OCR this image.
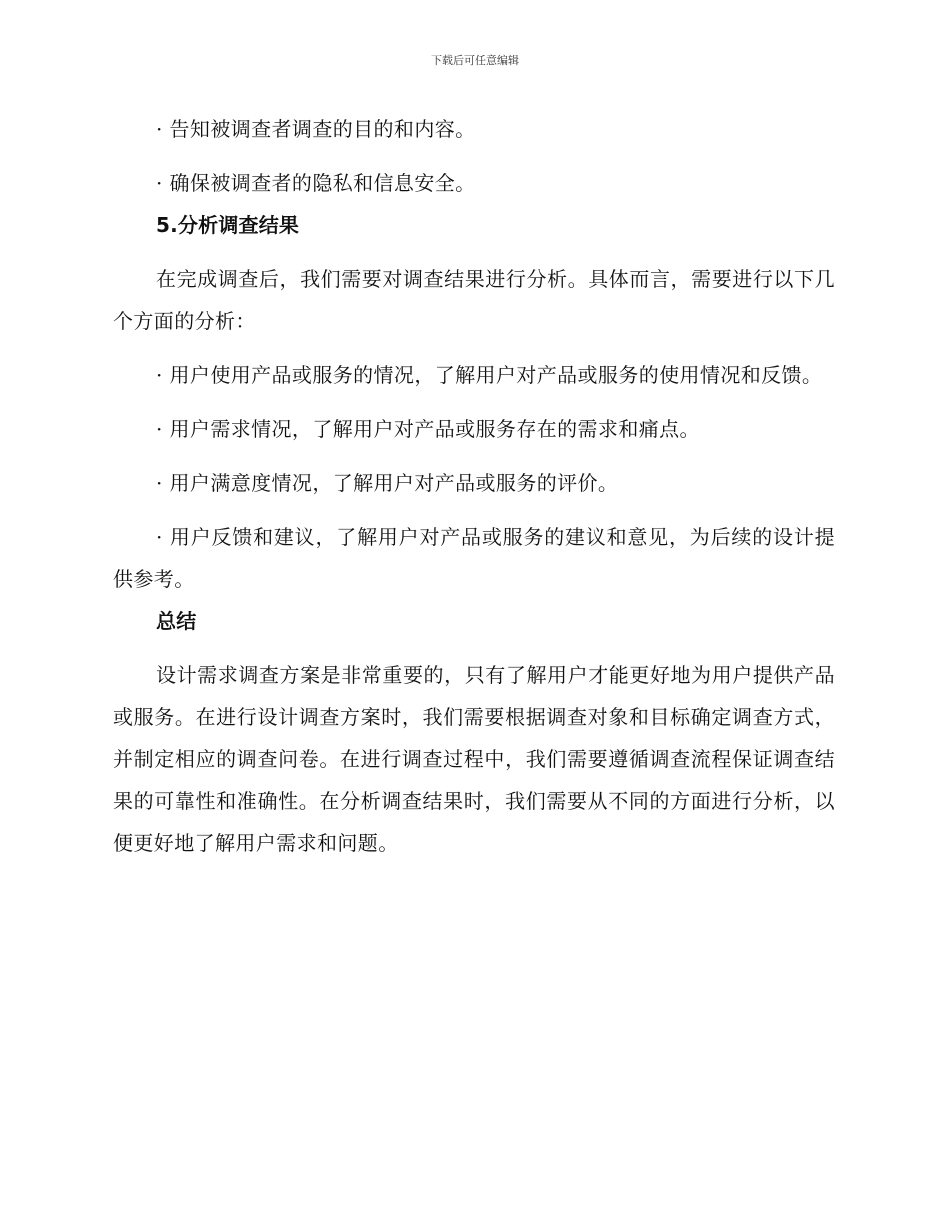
下载后可任意编辑

· 告知被调查者调查的目的和内容。

· 确保被调查者的隐私和信息安全。

5.分析调查结果

在完成调查后，我们需要对调查结果进行分析。具体而言，需要进行以下几个方面的分析：

· 用户使用产品或服务的情况，了解用户对产品或服务的使用情况和反馈。

· 用户需求情况，了解用户对产品或服务存在的需求和痛点。

· 用户满意度情况，了解用户对产品或服务的评价。

· 用户反馈和建议，了解用户对产品或服务的建议和意见，为后续的设计提供参考。

总结

设计需求调查方案是非常重要的，只有了解用户才能更好地为用户提供产品或服务。在进行设计调查方案时，我们需要根据调查对象和目标确定调查方式，并制定相应的调查问卷。在进行调查过程中，我们需要遵循调查流程保证调查结果的可靠性和准确性。在分析调查结果时，我们需要从不同的方面进行分析，以便更好地了解用户需求和问题。
